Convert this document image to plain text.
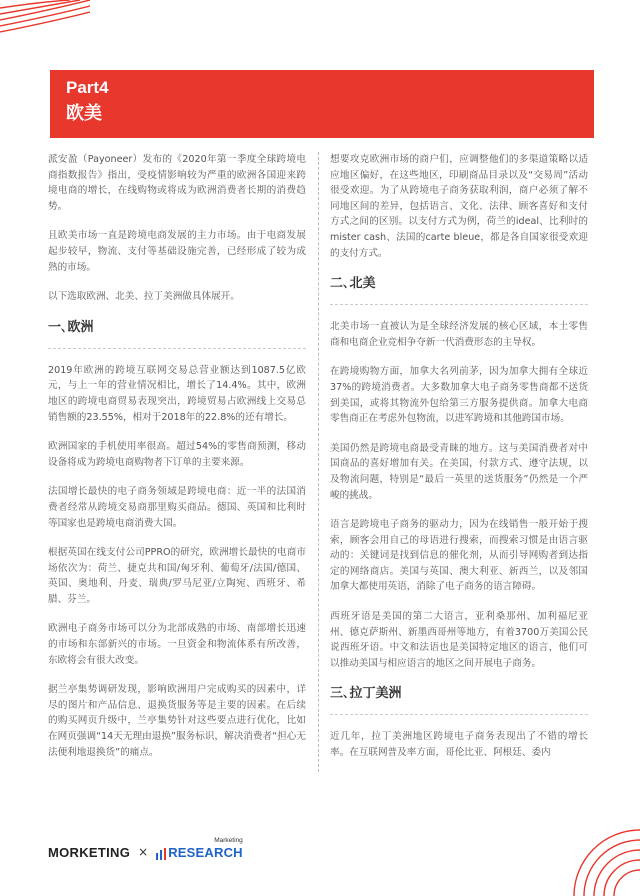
Part4
欧美

派安盈（Payoneer）发布的《2020年第一季度全球跨境电商指数报告》指出，受疫情影响较为严重的欧洲各国迎来跨境电商的增长，在线购物或将成为欧洲消费者长期的消费趋势。

且欧美市场一直是跨境电商发展的主力市场。由于电商发展起步较早，物流、支付等基础设施完善，已经形成了较为成熟的市场。

以下选取欧洲、北美、拉丁美洲做具体展开。

一､欧洲

2019年欧洲的跨境互联网交易总营业额达到1087.5亿欧元，与上一年的营业情况相比，增长了14.4%。其中，欧洲地区的跨境电商贸易表现突出，跨境贸易占欧洲线上交易总销售额的23.55%，相对于2018年的22.8%的还有增长。

欧洲国家的手机使用率很高。超过54%的零售商预测，移动设备将成为跨境电商购物者下订单的主要来源。

法国增长最快的电子商务领域是跨境电商：近一半的法国消费者经常从跨境交易商那里购买商品。德国、英国和比利时等国家也是跨境电商消费大国。

根据英国在线支付公司PPRO的研究，欧洲增长最快的电商市场依次为：荷兰、捷克共和国/匈牙利、葡萄牙/法国/德国、英国、奥地利、丹麦、瑞典/罗马尼亚/立陶宛、西班牙、希腊、芬兰。

欧洲电子商务市场可以分为北部成熟的市场、南部增长迅速的市场和东部新兴的市场。一旦资金和物流体系有所改善，东欧将会有很大改变。

据兰亭集势调研发现，影响欧洲用户完成购买的因素中，详尽的图片和产品信息、退换货服务等是主要的因素。在后续的购买网页升级中，兰亭集势针对这些要点进行优化，比如在网页强调“14天无理由退换”服务标识，解决消费者“担心无法便利地退换货”的痛点。

想要攻克欧洲市场的商户们，应调整他们的多渠道策略以适应地区偏好，在这些地区，印刷商品目录以及“交易周”活动很受欢迎。为了从跨境电子商务获取利润，商户必须了解不同地区间的差异，包括语言、文化、法律、顾客喜好和支付方式之间的区别。以支付方式为例，荷兰的ideal、比利时的mister cash、法国的carte bleue，都是各自国家很受欢迎的支付方式。

二､北美

北美市场一直被认为是全球经济发展的核心区域，本土零售商和电商企业竞相争夺新一代消费形态的主导权。

在跨境购物方面，加拿大名列前茅，因为加拿大拥有全球近37%的跨境消费者。大多数加拿大电子商务零售商都不送货到美国，或将其物流外包给第三方服务提供商。加拿大电商零售商正在考虑外包物流，以进军跨境和其他跨国市场。

美国仍然是跨境电商最受青睐的地方。这与美国消费者对中国商品的喜好增加有关。在美国，付款方式、遵守法规，以及物流问题，特别是“最后一英里的送货服务”仍然是一个严峻的挑战。

语言是跨境电子商务的驱动力，因为在线销售一般开始于搜索，顾客会用自己的母语进行搜索，而搜索习惯是由语言驱动的：关键词是找到信息的催化剂，从而引导网购者到达指定的网络商店。美国与英国、澳大利亚、新西兰，以及邻国加拿大都使用英语，消除了电子商务的语言障碍。

西班牙语是美国的第二大语言，亚利桑那州、加利福尼亚州、德克萨斯州、新墨西哥州等地方，有着3700万美国公民说西班牙语。中文和法语也是美国特定地区的语言，他们可以推动美国与相应语言的地区之间开展电子商务。

三､拉丁美洲

近几年，拉丁美洲地区跨境电子商务表现出了不错的增长率。在互联网普及率方面，哥伦比亚、阿根廷、委内

MORKETING × RESEARCH
Marketing
